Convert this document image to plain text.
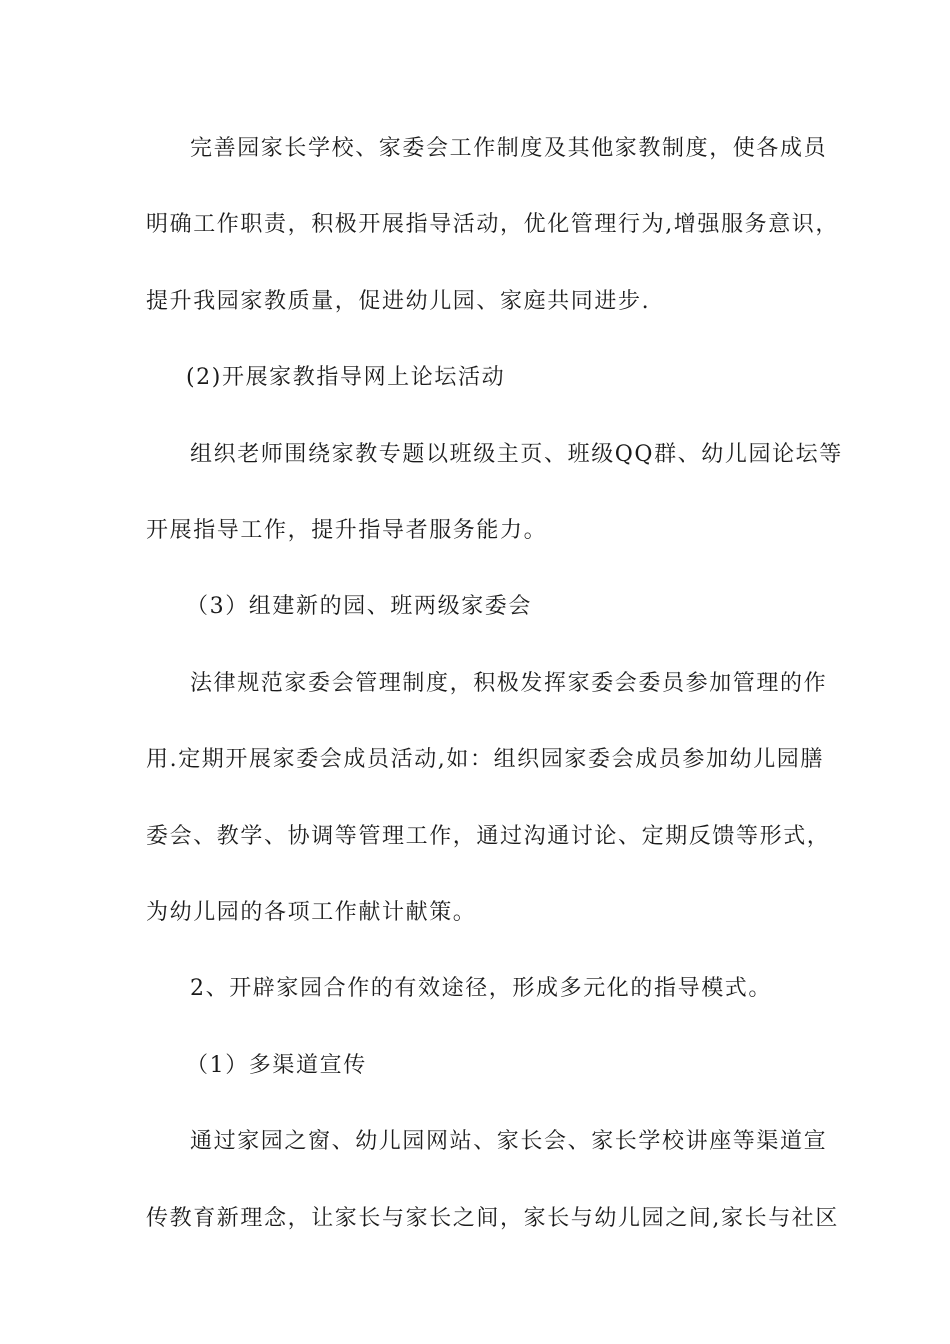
完善园家长学校、家委会工作制度及其他家教制度，使各成员
明确工作职责，积极开展指导活动，优化管理行为,增强服务意识，
提升我园家教质量，促进幼儿园、家庭共同进步.
(2)开展家教指导网上论坛活动
组织老师围绕家教专题以班级主页、班级QQ群、幼儿园论坛等
开展指导工作，提升指导者服务能力。
（3）组建新的园、班两级家委会
法律规范家委会管理制度，积极发挥家委会委员参加管理的作
用.定期开展家委会成员活动,如：组织园家委会成员参加幼儿园膳
委会、教学、协调等管理工作，通过沟通讨论、定期反馈等形式，
为幼儿园的各项工作献计献策。
2、开辟家园合作的有效途径，形成多元化的指导模式。
（1）多渠道宣传
通过家园之窗、幼儿园网站、家长会、家长学校讲座等渠道宣
传教育新理念，让家长与家长之间，家长与幼儿园之间,家长与社区
